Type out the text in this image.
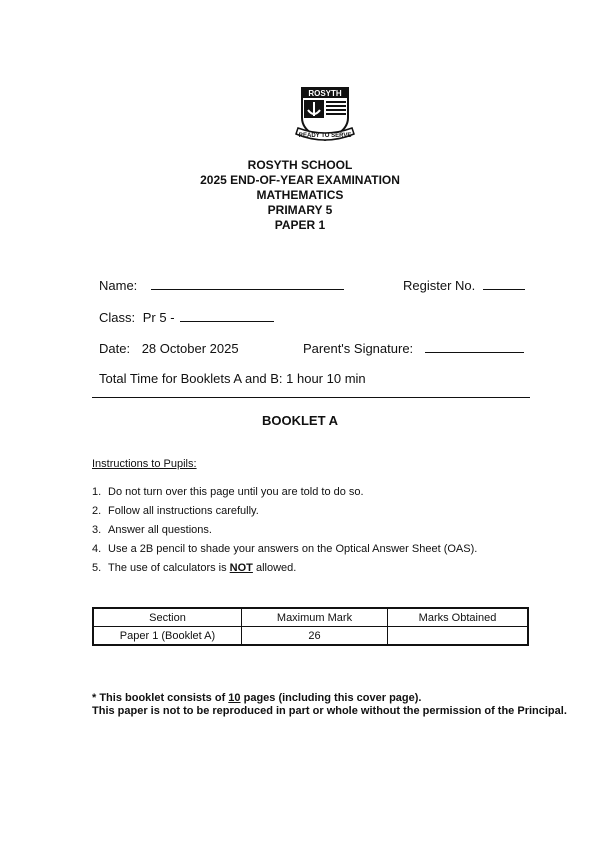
ROSYTH
READY TO SERVE
ROSYTH SCHOOL
2025 END-OF-YEAR EXAMINATION
MATHEMATICS
PRIMARY 5
PAPER 1
Name:	Register No.
Class: Pr 5 -
Date: 28 October 2025	Parent's Signature:
Total Time for Booklets A and B: 1 hour 10 min
BOOKLET A
Instructions to Pupils:
1. Do not turn over this page until you are told to do so.
2. Follow all instructions carefully.
3. Answer all questions.
4. Use a 2B pencil to shade your answers on the Optical Answer Sheet (OAS).
5. The use of calculators is NOT allowed.
Section	Maximum Mark	Marks Obtained
Paper 1 (Booklet A)	26	
* This booklet consists of 10 pages (including this cover page).
This paper is not to be reproduced in part or whole without the permission of the Principal.
